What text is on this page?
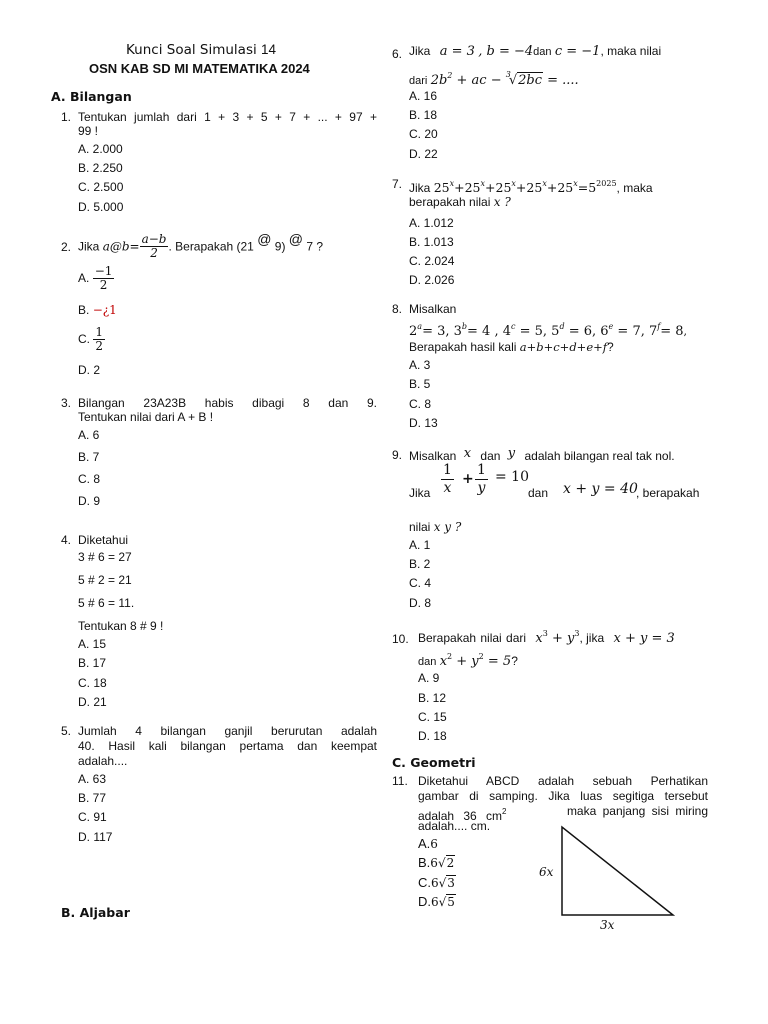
Kunci Soal Simulasi 14
OSN KAB SD MI MATEMATIKA 2024
A. Bilangan
1. Tentukan jumlah dari 1 + 3 + 5 + 7 + ... + 97 +
99 !
A. 2.000
B. 2.250
C. 2.500
D. 5.000
2. Jika a@b= $\frac{a-b}{2}$ . Berapakah (21 @ 9) @ 7 ?
A. $\frac{-1}{2}$
B. −¿1
C. $\frac{1}{2}$
D. 2
3. Bilangan 23A23B habis dibagi 8 dan 9.
Tentukan nilai dari A + B !
A. 6
B. 7
C. 8
D. 9
4. Diketahui
3 # 6 = 27
5 # 2 = 21
5 # 6 = 11.
Tentukan 8 # 9 !
A. 15
B. 17
C. 18
D. 21
5. Jumlah 4 bilangan ganjil berurutan adalah
40. Hasil kali bilangan pertama dan keempat
adalah....
A. 63
B. 77
C. 91
D. 117
B. Aljabar
6. Jika a = 3 , b = −4dan c = −1, maka nilai
dari $2b^2$ + ac − $^3$√2bc = ....
A. 16
B. 18
C. 20
D. 22
7. Jika $25^x+25^x+25^x+25^x+25^x=5^{2025}$, maka
berapakah nilai x ?
A. 1.012
B. 1.013
C. 2.024
D. 2.026
8. Misalkan
$2^a= 3$, $3^b= 4$ , $4^c = 5$, $5^d = 6$, $6^e = 7$, $7^f= 8$,
Berapakah hasil kali a+b+c+d+e+f?
A. 3
B. 5
C. 8
D. 13
9. Misalkan x dan y adalah bilangan real tak nol.
Jika $\frac{1}{x} + \frac{1}{y} = 10$
dan x + y = 40
, berapakah
nilai x y ?
A. 1
B. 2
C. 4
D. 8
10. Berapakah nilai dari $x^3 + y^3$, jika x + y = 3
dan $x^2 + y^2 = 5$?
A. 9
B. 12
C. 15
D. 18
C. Geometri
11. Diketahui ABCD adalah sebuah Perhatikan
gambar di samping. Jika luas segitiga tersebut
adalah 36 $cm^2$	maka panjang sisi miring
adalah.... cm.
A.6
B.6√2
C.6√3
D.6√5
6x
3x
